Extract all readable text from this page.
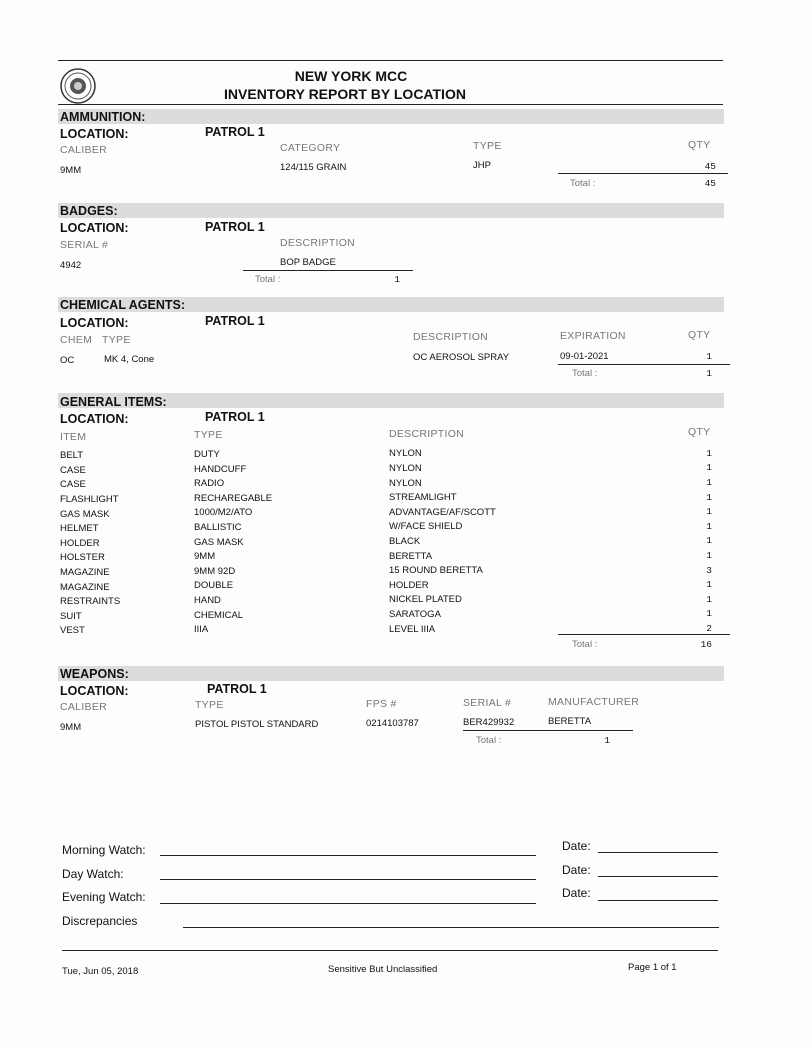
NEW YORK MCC
INVENTORY REPORT BY LOCATION
AMMUNITION:
LOCATION:	PATROL 1
CALIBER	CATEGORY	TYPE	QTY
9MM	124/115 GRAIN	JHP	45
Total :	45
BADGES:
LOCATION:	PATROL 1
SERIAL #	DESCRIPTION
4942	BOP BADGE
Total :	1
CHEMICAL AGENTS:
LOCATION:	PATROL 1
CHEM TYPE	DESCRIPTION	EXPIRATION	QTY
OC	MK 4, Cone	OC AEROSOL SPRAY	09-01-2021	1
Total :	1
GENERAL ITEMS:
LOCATION:	PATROL 1
ITEM	TYPE	DESCRIPTION	QTY
BELT	DUTY	NYLON	1
CASE	HANDCUFF	NYLON	1
CASE	RADIO	NYLON	1
FLASHLIGHT	RECHAREGABLE	STREAMLIGHT	1
GAS MASK	1000/M2/ATO	ADVANTAGE/AF/SCOTT	1
HELMET	BALLISTIC	W/FACE SHIELD	1
HOLDER	GAS MASK	BLACK	1
HOLSTER	9MM	BERETTA	1
MAGAZINE	9MM 92D	15 ROUND BERETTA	3
MAGAZINE	DOUBLE	HOLDER	1
RESTRAINTS	HAND	NICKEL PLATED	1
SUIT	CHEMICAL	SARATOGA	1
VEST	IIIA	LEVEL IIIA	2
Total :	16
WEAPONS:
LOCATION:	PATROL 1
CALIBER	TYPE	FPS #	SERIAL #	MANUFACTURER
9MM	PISTOL PISTOL STANDARD	0214103787	BER429932	BERETTA
Total :	1
Morning Watch:	Date:
Day Watch:	Date:
Evening Watch:	Date:
Discrepancies
Tue, Jun 05, 2018	Sensitive But Unclassified	Page 1 of 1
